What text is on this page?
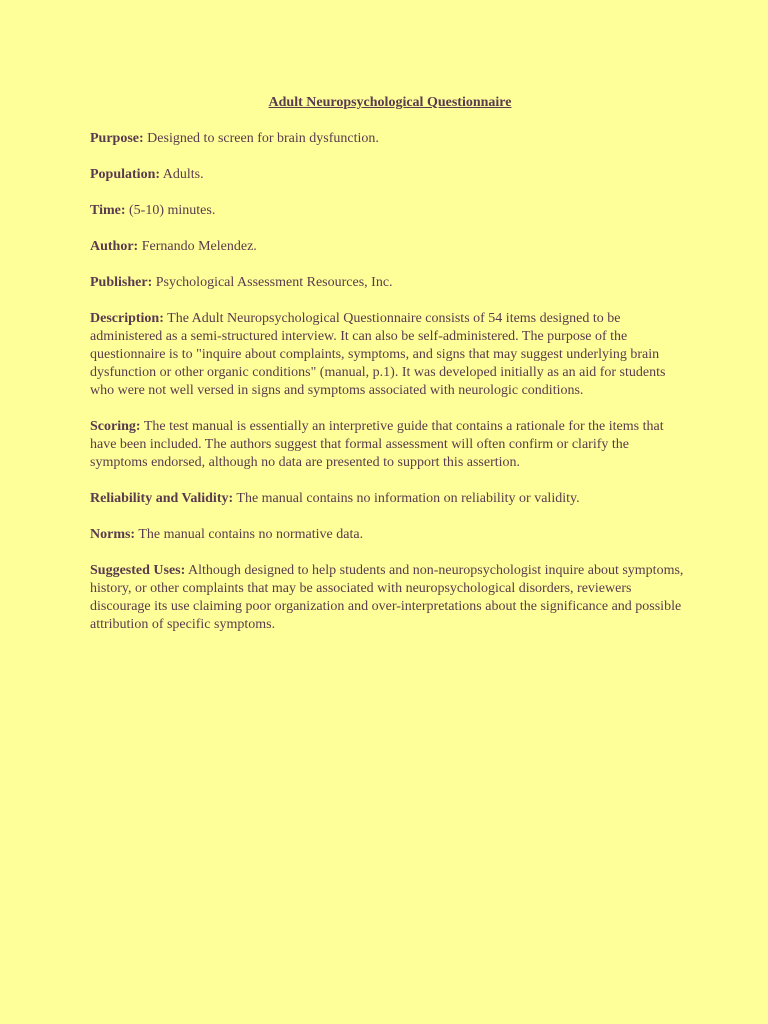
Adult Neuropsychological Questionnaire
Purpose: Designed to screen for brain dysfunction.
Population: Adults.
Time: (5-10) minutes.
Author: Fernando Melendez.
Publisher: Psychological Assessment Resources, Inc.
Description: The Adult Neuropsychological Questionnaire consists of 54 items designed to be administered as a semi-structured interview. It can also be self-administered. The purpose of the questionnaire is to "inquire about complaints, symptoms, and signs that may suggest underlying brain dysfunction or other organic conditions" (manual, p.1). It was developed initially as an aid for students who were not well versed in signs and symptoms associated with neurologic conditions.
Scoring: The test manual is essentially an interpretive guide that contains a rationale for the items that have been included. The authors suggest that formal assessment will often confirm or clarify the symptoms endorsed, although no data are presented to support this assertion.
Reliability and Validity: The manual contains no information on reliability or validity.
Norms: The manual contains no normative data.
Suggested Uses: Although designed to help students and non-neuropsychologist inquire about symptoms, history, or other complaints that may be associated with neuropsychological disorders, reviewers discourage its use claiming poor organization and over-interpretations about the significance and possible attribution of specific symptoms.
